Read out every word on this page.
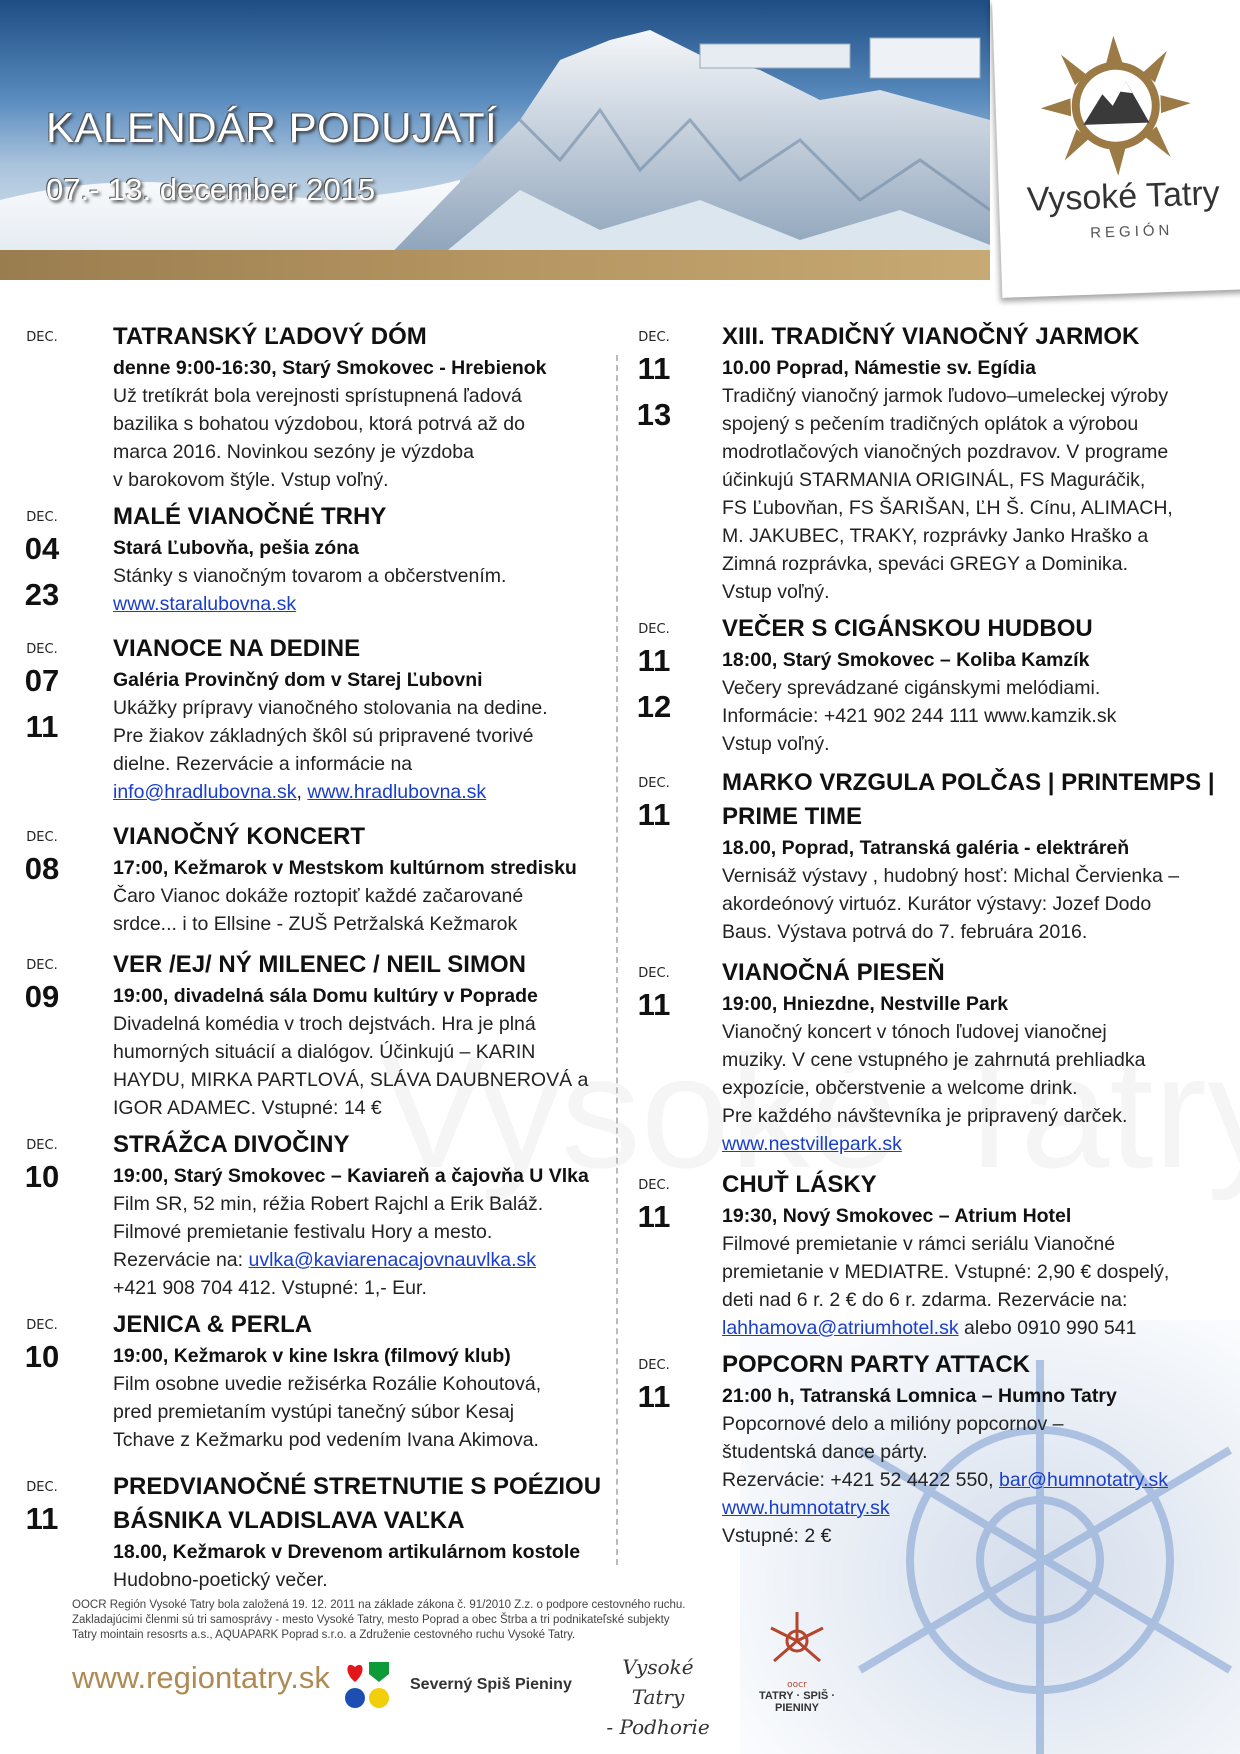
KALENDÁR PODUJATÍ
07.- 13. december 2015	Vysoké Tatry
REGIÓN
DEC.	TATRANSKÝ ĽADOVÝ DÓM
denne 9:00-16:30, Starý Smokovec - Hrebienok
Už tretíkrát bola verejnosti sprístupnená ľadová
bazilika s bohatou výzdobou, ktorá potrvá až do
marca 2016. Novinkou sezóny je výzdoba
v barokovom štýle. Vstup voľný.
DEC.
04
23
MALÉ VIANOČNÉ TRHY
Stará Ľubovňa, pešia zóna
Stánky s vianočným tovarom a občerstvením.
www.staralubovna.sk
DEC.
07
11
VIANOCE NA DEDINE
Galéria Provinčný dom v Starej Ľubovni
Ukážky prípravy vianočného stolovania na dedine.
Pre žiakov základných škôl sú pripravené tvorivé
dielne. Rezervácie a informácie na
info@hradlubovna.sk, www.hradlubovna.sk
DEC.
08
VIANOČNÝ KONCERT
17:00, Kežmarok v Mestskom kultúrnom stredisku
Čaro Vianoc dokáže roztopiť každé začarované
srdce... i to Ellsine - ZUŠ Petržalská Kežmarok
DEC.
09
VER /EJ/ NÝ MILENEC / NEIL SIMON
19:00, divadelná sála Domu kultúry v Poprade
Divadelná komédia v troch dejstvách. Hra je plná
humorných situácií a dialógov. Účinkujú – KARIN
HAYDU, MIRKA PARTLOVÁ, SLÁVA DAUBNEROVÁ a
IGOR ADAMEC. Vstupné: 14 €
DEC.
10
STRÁŽCA DIVOČINY
19:00, Starý Smokovec – Kaviareň a čajovňa U Vlka
Film SR, 52 min, réžia Robert Rajchl a Erik Baláž.
Filmové premietanie festivalu Hory a mesto.
Rezervácie na: uvlka@kaviarenacajovnauvlka.sk
+421 908 704 412. Vstupné: 1,- Eur.
DEC.
10
JENICA & PERLA
19:00, Kežmarok v kine Iskra (filmový klub)
Film osobne uvedie režisérka Rozálie Kohoutová,
pred premietaním vystúpi tanečný súbor Kesaj
Tchave z Kežmarku pod vedením Ivana Akimova.
DEC.
11
PREDVIANOČNÉ STRETNUTIE S POÉZIOU
BÁSNIKA VLADISLAVA VAĽKA
18.00, Kežmarok v Drevenom artikulárnom kostole
Hudobno-poetický večer.
DEC.
11
13
XIII. TRADIČNÝ VIANOČNÝ JARMOK
10.00 Poprad, Námestie sv. Egídia
Tradičný vianočný jarmok ľudovo–umeleckej výroby
spojený s pečením tradičných oplátok a výrobou
modrotlačových vianočných pozdravov. V programe
účinkujú STARMANIA ORIGINÁL, FS Maguráčik,
FS Ľubovňan, FS ŠARIŠAN, ĽH Š. Cínu, ALIMACH,
M. JAKUBEC, TRAKY, rozprávky Janko Hraško a
Zimná rozprávka, speváci GREGY a Dominika.
Vstup voľný.
DEC.
11
12
VEČER S CIGÁNSKOU HUDBOU
18:00, Starý Smokovec – Koliba Kamzík
Večery sprevádzané cigánskymi melódiami.
Informácie: +421 902 244 111 www.kamzik.sk
Vstup voľný.
DEC.
11
MARKO VRZGULA POLČAS | PRINTEMPS |
PRIME TIME
18.00, Poprad, Tatranská galéria - elektráreň
Vernisáž výstavy , hudobný hosť: Michal Červienka –
akordeónový virtuóz. Kurátor výstavy: Jozef Dodo
Baus. Výstava potrvá do 7. februára 2016.
DEC.
11
VIANOČNÁ PIESEŇ
19:00, Hniezdne, Nestville Park
Vianočný koncert v tónoch ľudovej vianočnej
muziky. V cene vstupného je zahrnutá prehliadka
expozície, občerstvenie a welcome drink.
Pre každého návštevníka je pripravený darček.
www.nestvillepark.sk
DEC.
11
CHUŤ LÁSKY
19:30, Nový Smokovec – Atrium Hotel
Filmové premietanie v rámci seriálu Vianočné
premietanie v MEDIATRE. Vstupné: 2,90 € dospelý,
deti nad 6 r. 2 € do 6 r. zdarma. Rezervácie na:
lahhamova@atriumhotel.sk alebo 0910 990 541
DEC.
11
POPCORN PARTY ATTACK
21:00 h, Tatranská Lomnica – Humno Tatry
Popcornové delo a milióny popcornov –
študentská dance párty.
Rezervácie: +421 52 4422 550, bar@humnotatry.sk
www.humnotatry.sk
Vstupné: 2 €
OOCR Región Vysoké Tatry bola založená 19. 12. 2011 na základe zákona č. 91/2010 Z.z. o podpore cestovného ruchu.
Zakladajúcimi členmi sú tri samosprávy - mesto Vysoké Tatry, mesto Poprad a obec Štrba a tri podnikateľské subjekty
Tatry mointain resosrts a.s., AQUAPARK Poprad s.r.o. a Združenie cestovného ruchu Vysoké Tatry.
www.regiontatry.sk	Severný Spiš Pieniny
Vysoké Tatry
- Podhorie
oocr
TATRY · SPIŠ · PIENINY
